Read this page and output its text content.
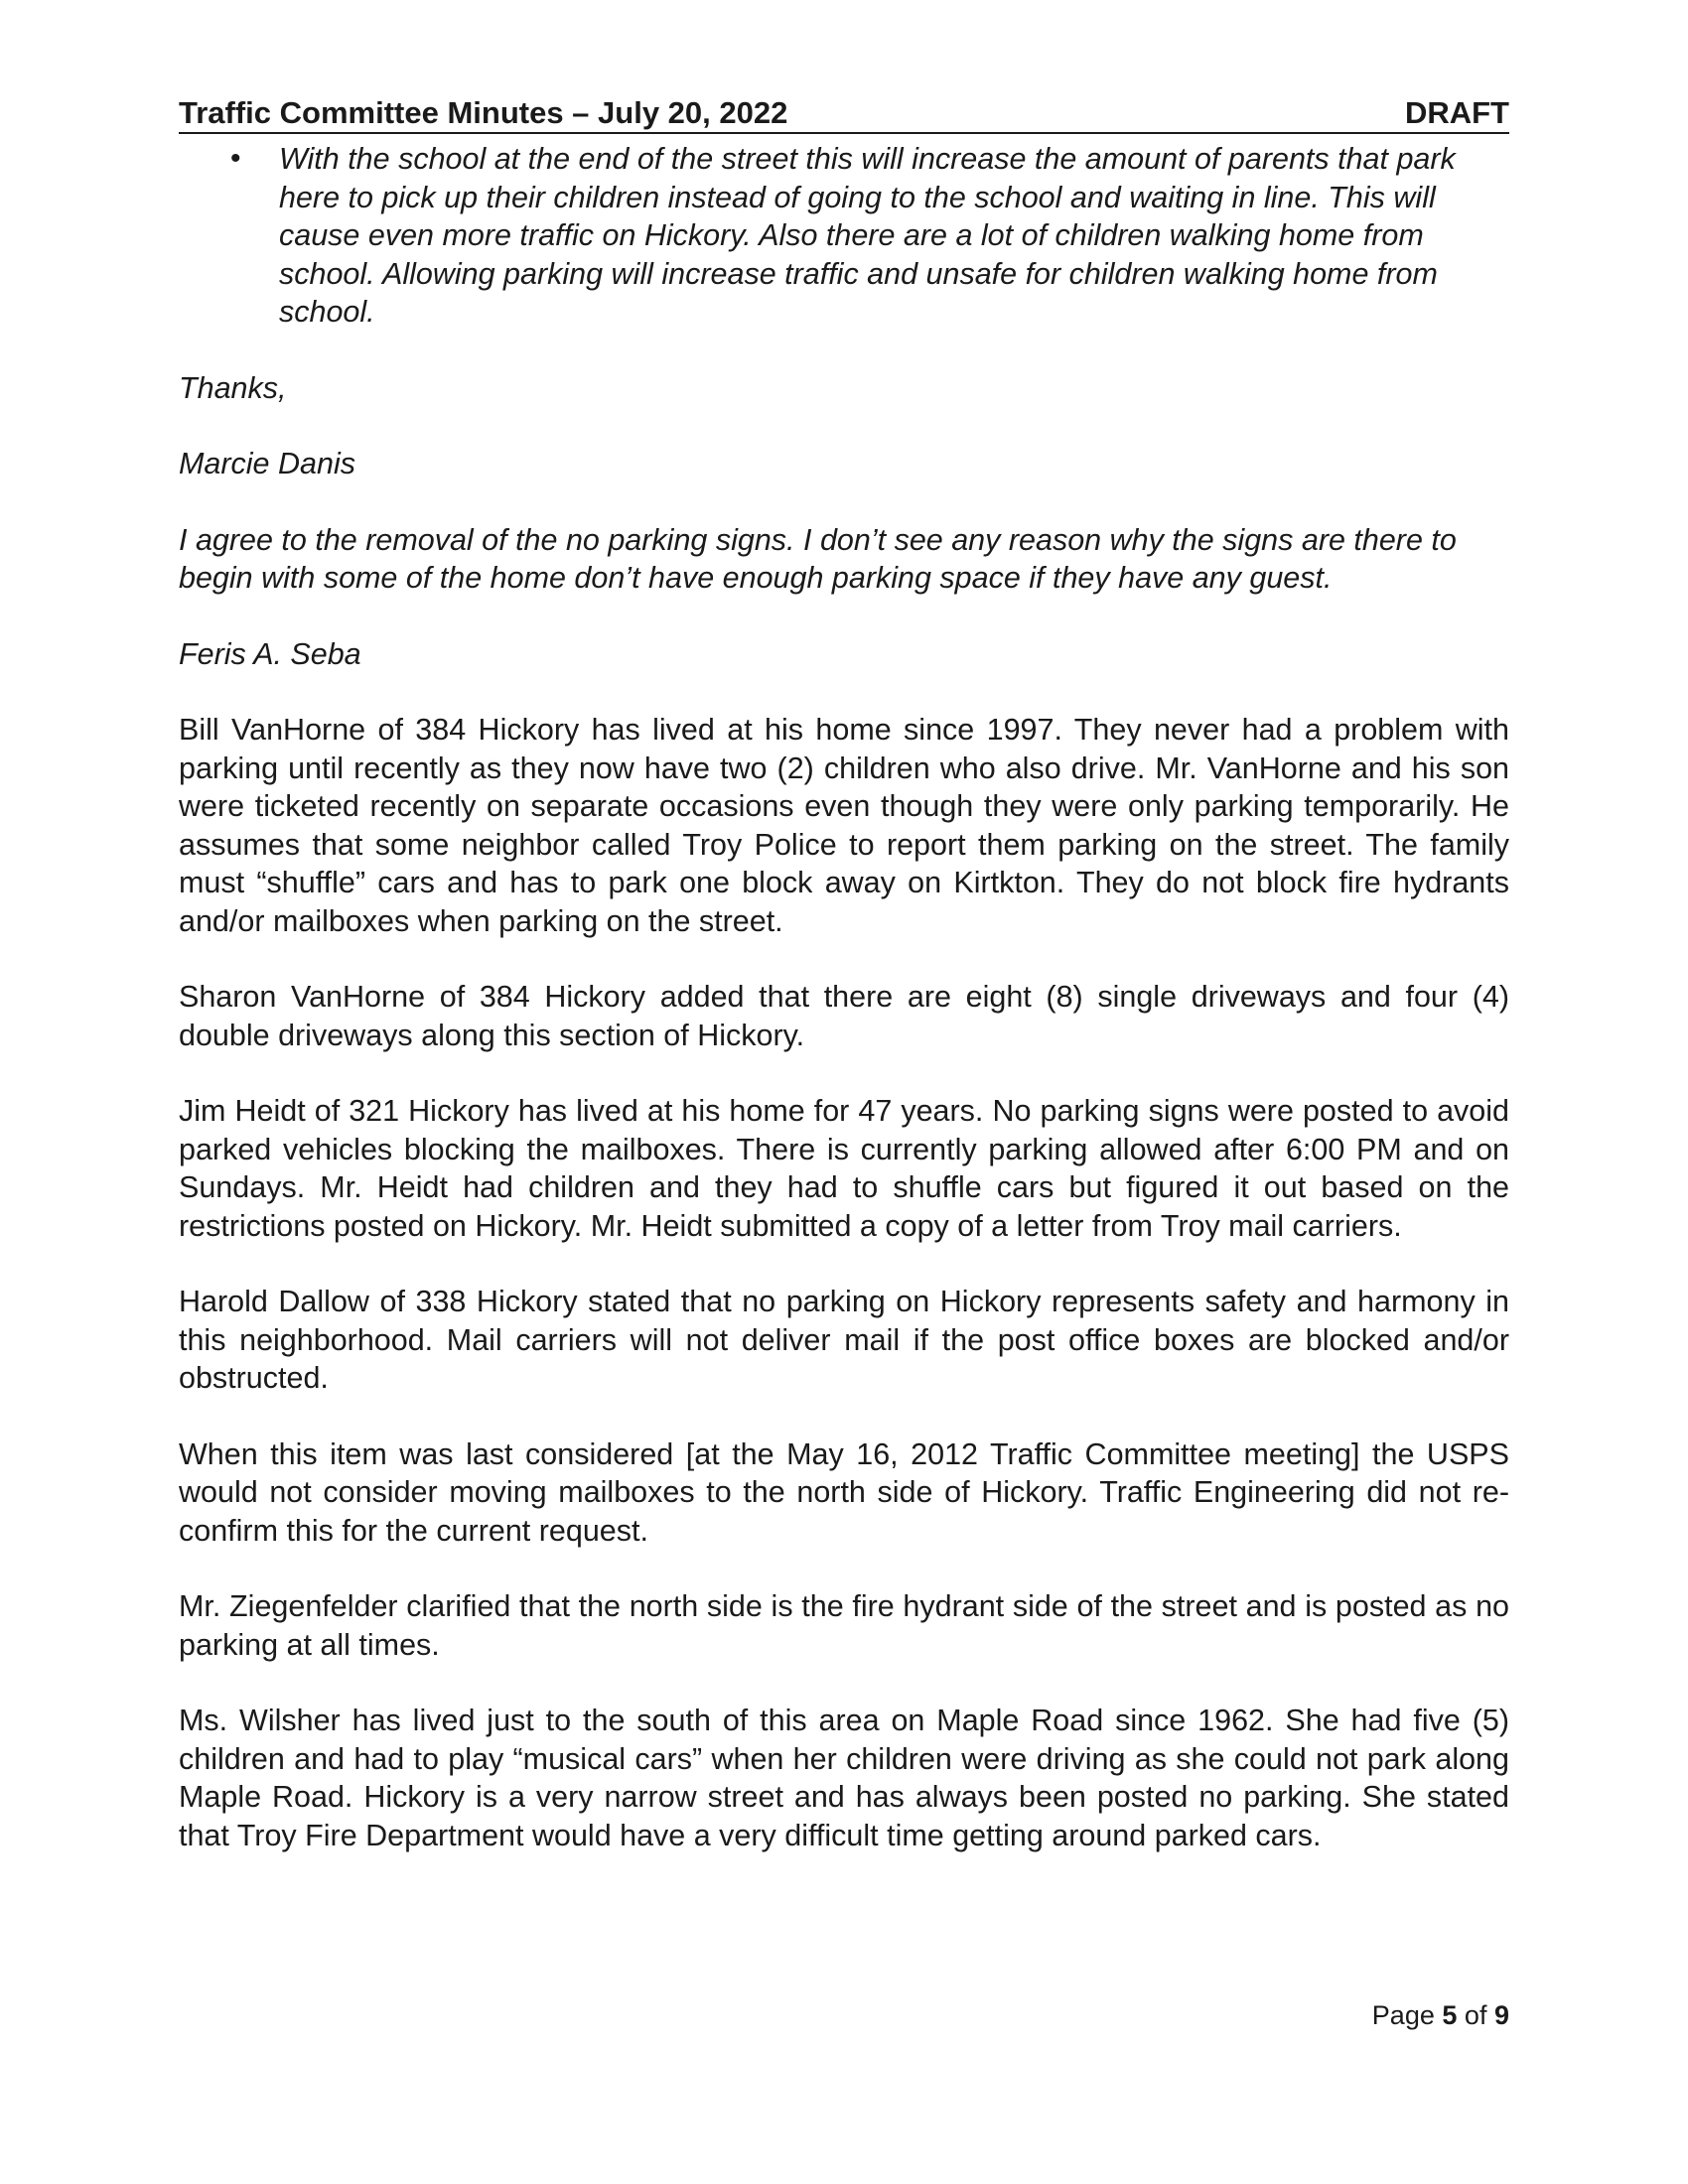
Traffic Committee Minutes – July 20, 2022	DRAFT
• With the school at the end of the street this will increase the amount of parents that park here to pick up their children instead of going to the school and waiting in line. This will cause even more traffic on Hickory. Also there are a lot of children walking home from school. Allowing parking will increase traffic and unsafe for children walking home from school.

Thanks,

Marcie Danis

I agree to the removal of the no parking signs. I don’t see any reason why the signs are there to begin with some of the home don’t have enough parking space if they have any guest.

Feris A. Seba

Bill VanHorne of 384 Hickory has lived at his home since 1997. They never had a problem with parking until recently as they now have two (2) children who also drive. Mr. VanHorne and his son were ticketed recently on separate occasions even though they were only parking temporarily. He assumes that some neighbor called Troy Police to report them parking on the street. The family must “shuffle” cars and has to park one block away on Kirtkton. They do not block fire hydrants and/or mailboxes when parking on the street.

Sharon VanHorne of 384 Hickory added that there are eight (8) single driveways and four (4) double driveways along this section of Hickory.

Jim Heidt of 321 Hickory has lived at his home for 47 years. No parking signs were posted to avoid parked vehicles blocking the mailboxes. There is currently parking allowed after 6:00 PM and on Sundays. Mr. Heidt had children and they had to shuffle cars but figured it out based on the restrictions posted on Hickory. Mr. Heidt submitted a copy of a letter from Troy mail carriers.

Harold Dallow of 338 Hickory stated that no parking on Hickory represents safety and harmony in this neighborhood. Mail carriers will not deliver mail if the post office boxes are blocked and/or obstructed.

When this item was last considered [at the May 16, 2012 Traffic Committee meeting] the USPS would not consider moving mailboxes to the north side of Hickory. Traffic Engineering did not re-confirm this for the current request.

Mr. Ziegenfelder clarified that the north side is the fire hydrant side of the street and is posted as no parking at all times.

Ms. Wilsher has lived just to the south of this area on Maple Road since 1962. She had five (5) children and had to play “musical cars” when her children were driving as she could not park along Maple Road. Hickory is a very narrow street and has always been posted no parking. She stated that Troy Fire Department would have a very difficult time getting around parked cars.

Page 5 of 9
